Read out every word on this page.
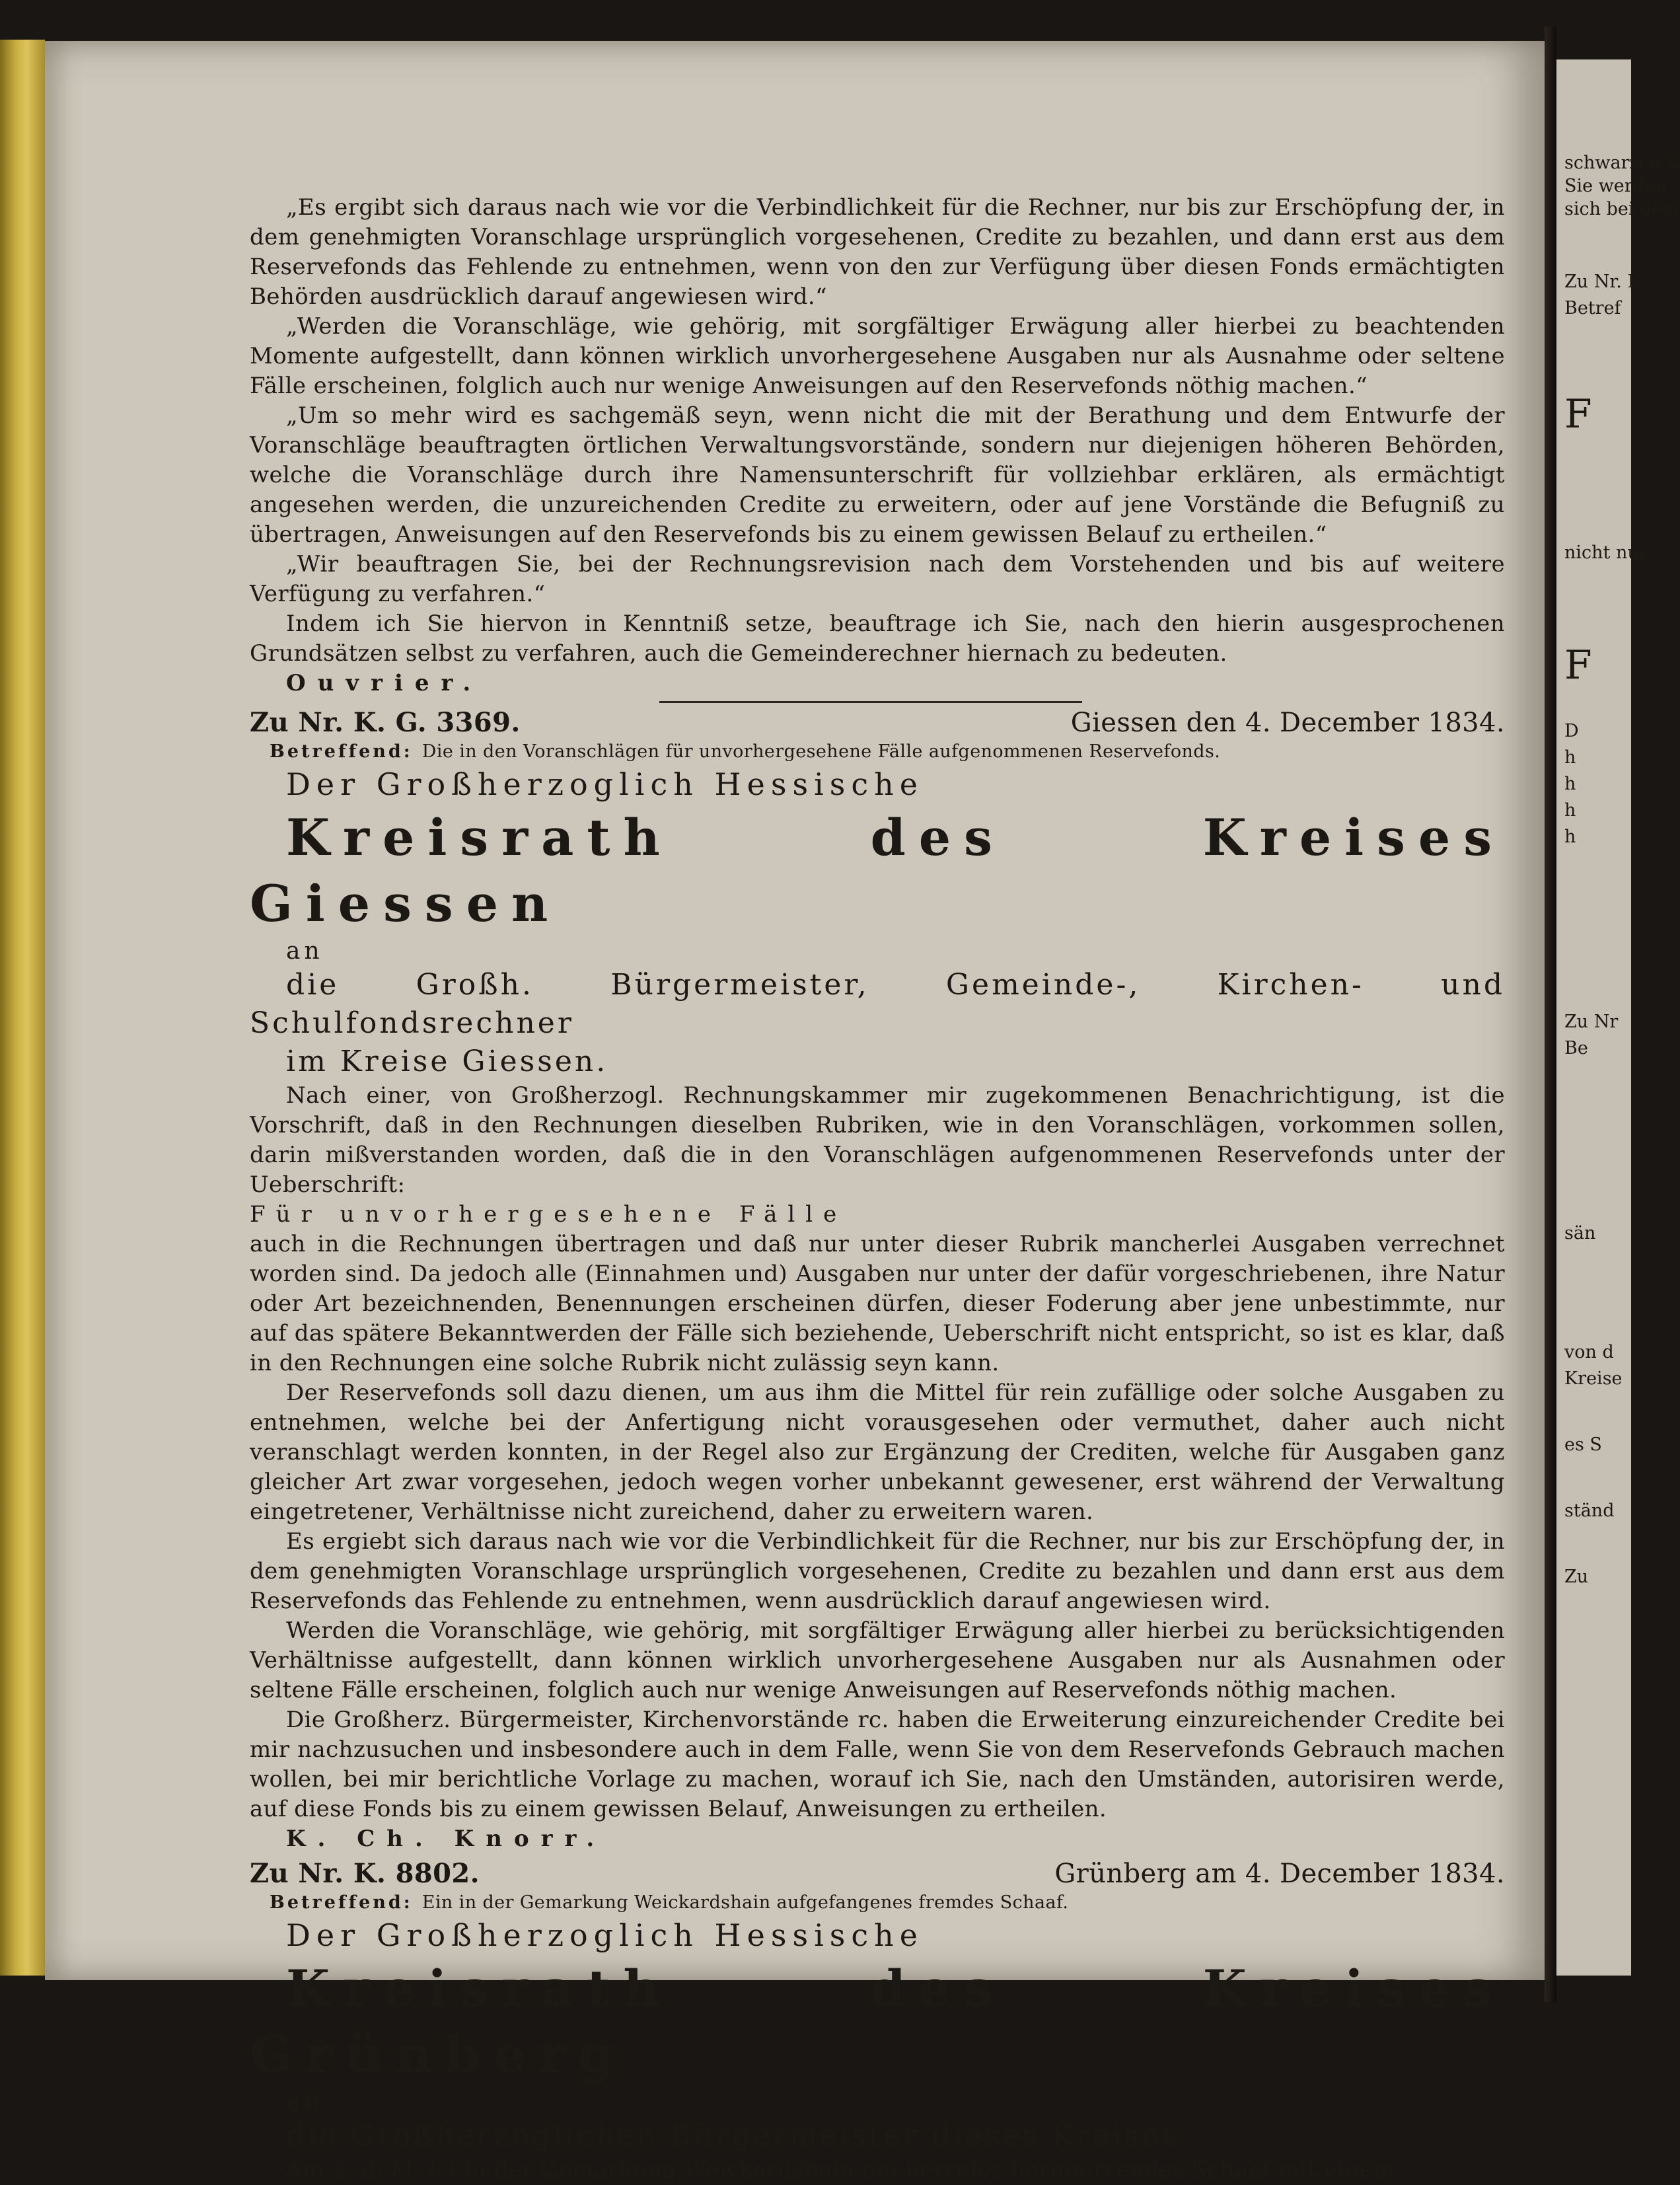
„Es ergibt sich daraus nach wie vor die Verbindlichkeit für die Rechner, nur bis zur Erschöpfung der, in dem genehmigten Voranschlage ursprünglich vorgesehenen, Credite zu bezahlen, und dann erst aus dem Reservefonds das Fehlende zu entnehmen, wenn von den zur Verfügung über diesen Fonds ermächtigten Behörden ausdrücklich darauf angewiesen wird.“

„Werden die Voranschläge, wie gehörig, mit sorgfältiger Erwägung aller hierbei zu beachtenden Momente aufgestellt, dann können wirklich unvorhergesehene Ausgaben nur als Ausnahme oder seltene Fälle erscheinen, folglich auch nur wenige Anweisungen auf den Reservefonds nöthig machen.“

„Um so mehr wird es sachgemäß seyn, wenn nicht die mit der Berathung und dem Entwurfe der Voranschläge beauftragten örtlichen Verwaltungsvorstände, sondern nur diejenigen höheren Behörden, welche die Voranschläge durch ihre Namensunterschrift für vollziehbar erklären, als ermächtigt angesehen werden, die unzureichenden Credite zu erweitern, oder auf jene Vorstände die Befugniß zu übertragen, Anweisungen auf den Reservefonds bis zu einem gewissen Belauf zu ertheilen.“

„Wir beauftragen Sie, bei der Rechnungsrevision nach dem Vorstehenden und bis auf weitere Verfügung zu verfahren.“

Indem ich Sie hiervon in Kenntniß setze, beauftrage ich Sie, nach den hierin ausgesprochenen Grundsätzen selbst zu verfahren, auch die Gemeinderechner hiernach zu bedeuten.

Ouvrier.

Zu Nr. K. G. 3369.	Giessen den 4. December 1834.
Betreffend: Die in den Voranschlägen für unvorhergesehene Fälle aufgenommenen Reservefonds.

Der Großherzoglich Hessische

Kreisrath des Kreises Giessen

an

die Großh. Bürgermeister, Gemeinde-, Kirchen- und Schulfondsrechner

im Kreise Giessen.

Nach einer, von Großherzogl. Rechnungskammer mir zugekommenen Benachrichtigung, ist die Vorschrift, daß in den Rechnungen dieselben Rubriken, wie in den Voranschlägen, vorkommen sollen, darin mißverstanden worden, daß die in den Voranschlägen aufgenommenen Reservefonds unter der Ueberschrift:

Für unvorhergesehene Fälle

auch in die Rechnungen übertragen und daß nur unter dieser Rubrik mancherlei Ausgaben verrechnet worden sind. Da jedoch alle (Einnahmen und) Ausgaben nur unter der dafür vorgeschriebenen, ihre Natur oder Art bezeichnenden, Benennungen erscheinen dürfen, dieser Foderung aber jene unbestimmte, nur auf das spätere Bekanntwerden der Fälle sich beziehende, Ueberschrift nicht entspricht, so ist es klar, daß in den Rechnungen eine solche Rubrik nicht zulässig seyn kann.

Der Reservefonds soll dazu dienen, um aus ihm die Mittel für rein zufällige oder solche Ausgaben zu entnehmen, welche bei der Anfertigung nicht vorausgesehen oder vermuthet, daher auch nicht veranschlagt werden konnten, in der Regel also zur Ergänzung der Crediten, welche für Ausgaben ganz gleicher Art zwar vorgesehen, jedoch wegen vorher unbekannt gewesener, erst während der Verwaltung eingetretener, Verhältnisse nicht zureichend, daher zu erweitern waren.

Es ergiebt sich daraus nach wie vor die Verbindlichkeit für die Rechner, nur bis zur Erschöpfung der, in dem genehmigten Voranschlage ursprünglich vorgesehenen, Credite zu bezahlen und dann erst aus dem Reservefonds das Fehlende zu entnehmen, wenn ausdrücklich darauf angewiesen wird.

Werden die Voranschläge, wie gehörig, mit sorgfältiger Erwägung aller hierbei zu berücksichtigenden Verhältnisse aufgestellt, dann können wirklich unvorhergesehene Ausgaben nur als Ausnahmen oder seltene Fälle erscheinen, folglich auch nur wenige Anweisungen auf Reservefonds nöthig machen.

Die Großherz. Bürgermeister, Kirchenvorstände rc. haben die Erweiterung einzureichender Credite bei mir nachzusuchen und insbesondere auch in dem Falle, wenn Sie von dem Reservefonds Gebrauch machen wollen, bei mir berichtliche Vorlage zu machen, worauf ich Sie, nach den Umständen, autorisiren werde, auf diese Fonds bis zu einem gewissen Belauf, Anweisungen zu ertheilen.

K. Ch. Knorr.

Zu Nr. K. 8802.	Grünberg am 4. December 1834.
Betreffend: Ein in der Gemarkung Weickardshain aufgefangenes fremdes Schaaf.

Der Großherzoglich Hessische

Kreisrath des Kreises Grünberg

an

die Großherzoglichen Bürgermeister dieses Kreises.

Am 2. d. M. ist in der Gemarkung Weickardshain ein herrnlos herumirrendes Schaaf mit einem

schwarzen K
Sie werden
sich bei dem
Zu Nr. K
Betref
F
nicht nur
F
D
h
h
h
h
Zu Nr
Be
sän
von d
Kreise
es S
ständ
Zu
